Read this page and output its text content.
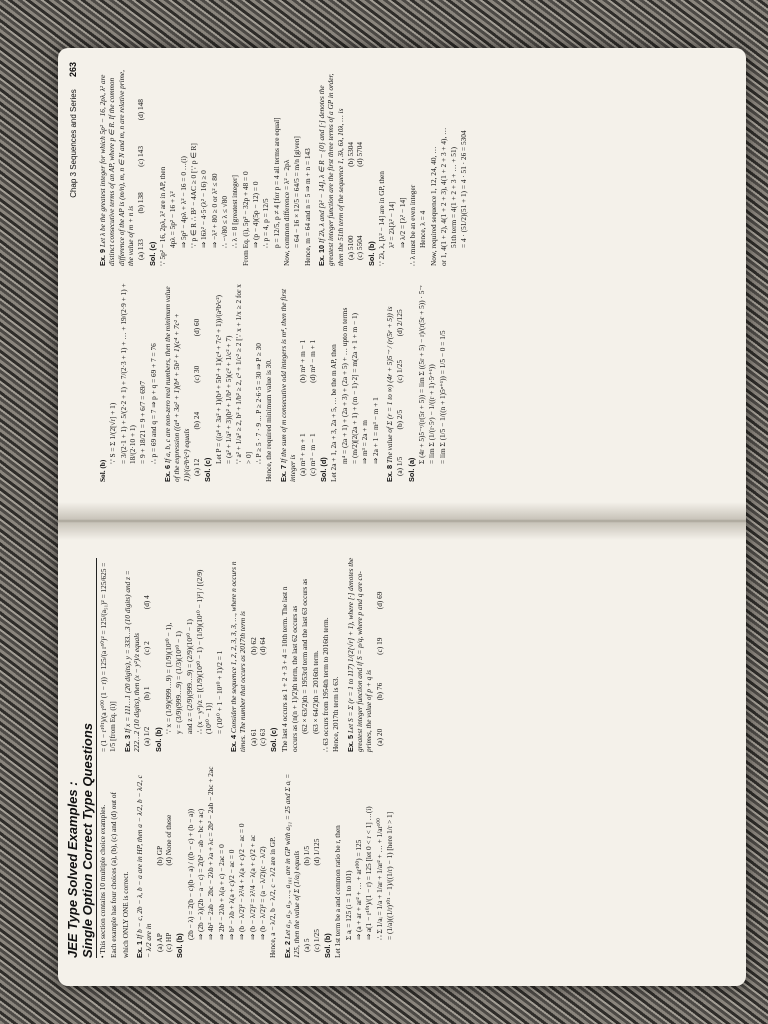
JEE Type Solved Examples : Single Option Correct Type Questions • This section contains 10 multiple choice examples. Each example has four choices (a), (b), (c) and (d) out of which ONLY ONE is correct. Ex. 1 If b − c, 2b − λ, b − a are in HP, then a − λ/2, b − λ/2, c − λ/2 are in (a) AP
(b) GP
(c) HP
(d) None of these
Sol. (b)
(2b − λ) = 2(b − c)(b − a) / ((b − c) + (b − a)) ⇒ (2b − λ)(2b − a − c) = 2(b² − ab − bc + ac) ⇒ 4b² − 2ab − 2bc − 2λb + λa + λc = 2b² − 2ab − 2bc + 2ac ⇒ 2b² − 2λb + λ(a + c) − 2ac = 0 ⇒ b² − λb + λ(a + c)/2 − ac = 0 ⇒ (b − λ/2)² − λ²/4 + λ(a + c)/2 − ac = 0 ⇒ (b − λ/2)² = λ²/4 − λ(a + c)/2 + ac ⇒ (b − λ/2)² = (a − λ/2)(c − λ/2) Hence, a − λ/2, b − λ/2, c − λ/2 are in GP. Ex. 2 Let a₁, a₂, a₃, …, a₁₀₁ are in GP with a₅₁ = 25 and Σ aᵢ = 125, then the value of Σ (1/aᵢ) equals (a) 5
(b) 1/5
(c) 1/25
(d) 1/125
Sol. (b) Let 1st term be a and common ratio be r, then Σ aᵢ = 125 (i = 1 to 101) ⇒ (a + ar + ar² + … + ar¹⁰⁰) = 125 ⇒ a(1 − r¹⁰¹)/(1 − r) = 125 [let 0 < r < 1] …(i) ∴ Σ 1/aᵢ = 1/a + 1/ar + 1/ar² + … + 1/ar¹⁰⁰ = (1/a)((1/r)¹⁰¹ − 1)/((1/r) − 1) [here 1/r > 1]
= (1 − r¹⁰¹)/(a r¹⁰⁰ (1 − r)) = 125/(a r⁵⁰)² = 125/(a₅₁)² = 125/625 = 1/5 [from Eq. (i)] Ex. 3 If x = 111…1 (20 digits), y = 333…3 (10 digits) and z = 222…2 (10 digits), then (x − y²)/z equals (a) 1/2
(b) 1
(c) 2
(d) 4
Sol. (b)
∵ x = (1/9)(999…9) = (1/9)(10²⁰ − 1), y = (3/9)(999…9) = (1/3)(10¹⁰ − 1) and z = (2/9)(999…9) = (2/9)(10¹⁰ − 1) ∴ (x − y²)/z = [(1/9)(10²⁰ − 1) − (1/9)(10¹⁰ − 1)²] / [(2/9)(10¹⁰ − 1)] = (10¹⁰ + 1 − 10¹⁰ + 1)/2 = 1
Ex. 4 Consider the sequence 1, 2, 2, 3, 3, 3, …, where n occurs n times. The number that occurs as 2017th term is (a) 61
(b) 62
(c) 63
(d) 64
Sol. (c) The last 4 occurs as 1 + 2 + 3 + 4 = 10th term. The last n occurs as (n(n + 1)/2)th term, the last 62 occurs as (62 × 63/2)th = 1953rd term and the last 63 occurs as (63 × 64/2)th = 2016th term. ∴ 63 occurs from 1954th term to 2016th term. Hence, 2017th term is 63. Ex. 5 Let S = Σ (r = 1 to 117) 1/(2[√r] + 1), where [·] denotes the greatest integer function and if S = p/q, where p and q are co-primes, the value of p + q is (a) 20
(b) 76
(c) 19
(d) 69
Chap 3 Sequences and Series 263
Sol. (b)
∵ S = Σ 1/(2[√r] + 1) = 3/(2·1 + 1) + 5/(2·2 + 1) + 7/(2·3 + 1) + … + 19/(2·9 + 1) + 18/(2·10 + 1) = 9 + 18/21 = 9 + 6/7 = 69/7 ∴ p = 69 and q = 7 ⇒ p + q = 69 + 7 = 76
Ex. 6 If a, b, c are non-zero real numbers, then the minimum value of the expression ((a⁴ + 3a² + 1)(b⁴ + 5b² + 1)(c⁴ + 7c² + 1))/(a²b²c²) equals (a) 12
(b) 24
(c) 30
(d) 60
Sol. (c)
Let P = ((a⁴ + 3a² + 1)(b⁴ + 5b² + 1)(c⁴ + 7c² + 1))/(a²b²c²) = (a² + 1/a² + 3)(b² + 1/b² + 5)(c² + 1/c² + 7) ∵ a² + 1/a² ≥ 2, b² + 1/b² ≥ 2, c² + 1/c² ≥ 2 [∵ x + 1/x ≥ 2 for x > 0] ∴ P ≥ 5 · 7 · 9 ... P ≥ 2·6·5 = 30 ⇒ P ≥ 30 Hence, the required minimum value is 30. Ex. 7 If the sum of m consecutive odd integers is m⁴, then the first integer is (a) m³ + m + 1
(b) m³ + m − 1
(c) m³ − m − 1
(d) m³ − m + 1
Sol. (d) Let 2a + 1, 2a + 3, 2a + 5, … be the m AP, then m⁴ = (2a + 1) + (2a + 3) + (2a + 5) + … upto m terms = (m/2)[2(2a + 1) + (m − 1)·2] = m(2a + 1 + m − 1) ⇒ m³ = 2a + m ⇒ 2a + 1 = m³ − m + 1
Ex. 8 The value of Σ (r = 1 to ∞) (4r + 5)5⁻ʳ / (r(5r + 5)) is
(a) 1/5
(b) 2/5
(c) 1/25
(d) 2/125
Sol. (a)
Σ (4r + 5)5⁻ʳ/(r(5r + 5)) = lim Σ ((5r + 5) − r)/(r(5r + 5)) · 5⁻ʳ = lim Σ (1/(r·5ʳ) − 1/((r + 1)·5ʳ⁺¹)) = lim Σ (1/5 − 1/((n + 1)5ⁿ⁺¹)) = 1/5 − 0 = 1/5
Ex. 9 Let λ be the greatest integer for which 5p² − 16, 2pλ, λ² are distinct consecutive terms of an AP, where p ∈ R. If the common difference of the AP is (m/n), m, n ∈ N and m, n are relative prime, the value of m + n is (a) 133
(b) 138
(c) 143
(d) 148
Sol. (c) ∵ 5p² − 16, 2pλ, λ² are in AP, then 4pλ = 5p² − 16 + λ² ⇒ 5p² − 4pλ + λ² − 16 = 0 …(i) ∵ p ∈ R ∴ B² − 4AC ≥ 0 [∵ p ∈ R] ⇒ 16λ² − 4·5·(λ² − 16) ≥ 0 ⇒ −λ² + 80 ≥ 0 or λ² ≤ 80 ∴ −√80 ≤ λ ≤ √80 ∴ λ = 8 [greatest integer] From Eq. (i), 5p² − 32p + 48 = 0 ⇒ (p − 4)(5p − 12) = 0 ∴ p = 4, p = 12/5 p = 12/5, p ≠ 4 [for p = 4 all terms are equal] Now, common difference = λ² − 2pλ = 64 − 16 × 12/5 = 64/5 = m/n [given] Hence, m = 64 and n = 5 ⇒ m + n = 143 Ex. 10 If 2λ, λ and [λ² − 14], λ ∈ R − {0} and [·] denotes the greatest integer function are the first three terms of a GP in order, then the 51th term of the sequence 1, 3λ, 6λ, 10λ, … is (a) 5100
(b) 5304
(c) 5504
(d) 5704
Sol. (b) ∵ 2λ, λ, [λ² − 14] are in GP, then λ² = 2λ[λ² − 14] ⇒ λ/2 = [λ² − 14] ∴ λ must be an even integer Hence, λ = 4 Now, required sequence 1, 12, 24, 40, … or 1, 4(1 + 2), 4(1 + 2 + 3), 4(1 + 2 + 3 + 4), … 51th term = 4(1 + 2 + 3 + … + 51) = 4 · (51/2)(51 + 1) = 4 · 51 · 26 = 5304
